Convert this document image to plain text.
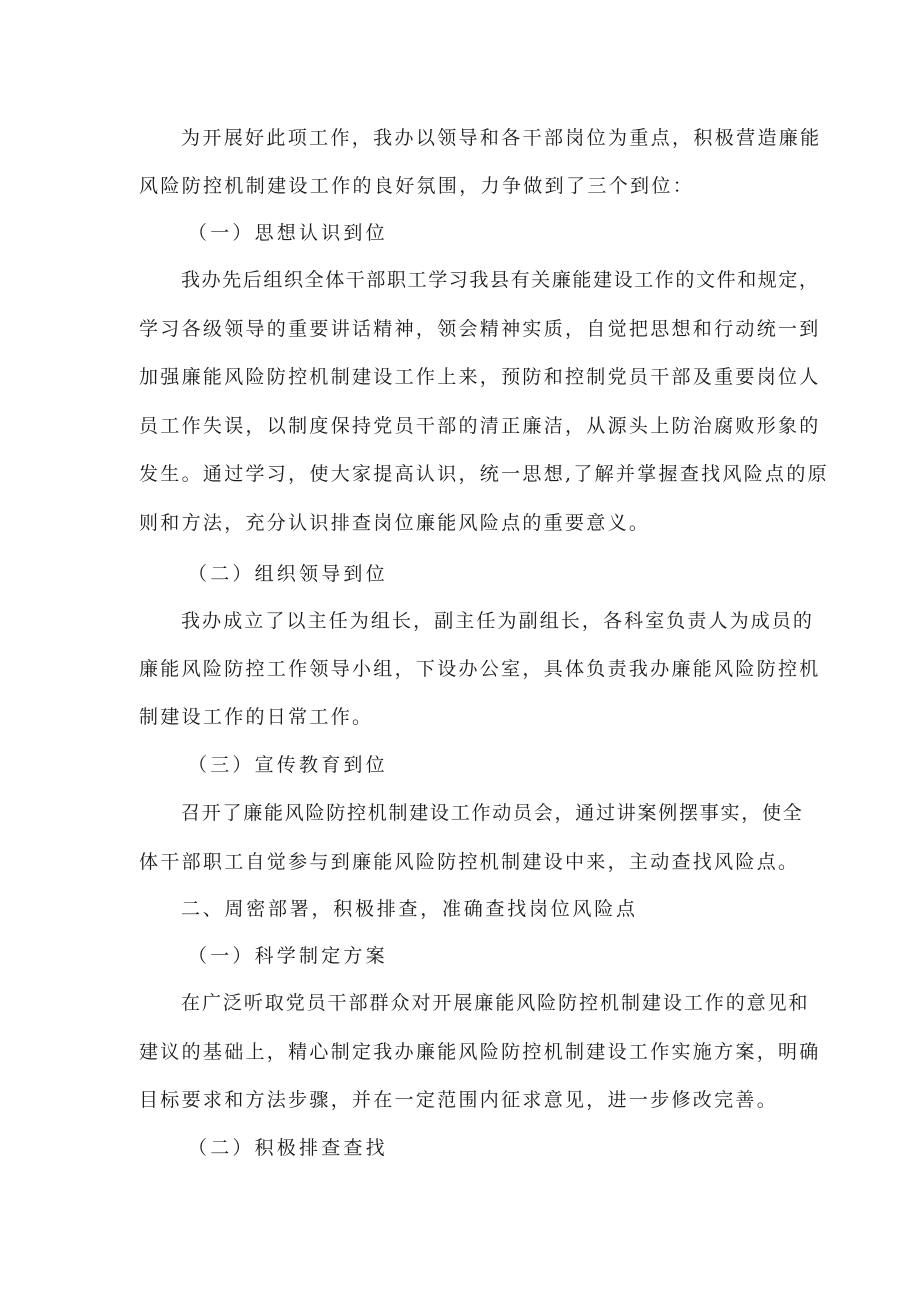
为开展好此项工作，我办以领导和各干部岗位为重点，积极营造廉能

风险防控机制建设工作的良好氛围，力争做到了三个到位：

（一）思想认识到位

我办先后组织全体干部职工学习我县有关廉能建设工作的文件和规定，
学习各级领导的重要讲话精神，领会精神实质，自觉把思想和行动统一到
加强廉能风险防控机制建设工作上来，预防和控制党员干部及重要岗位人
员工作失误，以制度保持党员干部的清正廉洁，从源头上防治腐败形象的
发生。通过学习，使大家提高认识，统一思想,了解并掌握查找风险点的原
则和方法，充分认识排查岗位廉能风险点的重要意义。

（二）组织领导到位

我办成立了以主任为组长，副主任为副组长，各科室负责人为成员的
廉能风险防控工作领导小组，下设办公室，具体负责我办廉能风险防控机
制建设工作的日常工作。

（三）宣传教育到位

召开了廉能风险防控机制建设工作动员会，通过讲案例摆事实，使全
体干部职工自觉参与到廉能风险防控机制建设中来，主动查找风险点。

二、周密部署，积极排查，准确查找岗位风险点

（一）科学制定方案

在广泛听取党员干部群众对开展廉能风险防控机制建设工作的意见和
建议的基础上，精心制定我办廉能风险防控机制建设工作实施方案，明确
目标要求和方法步骤，并在一定范围内征求意见，进一步修改完善。

（二）积极排查查找
